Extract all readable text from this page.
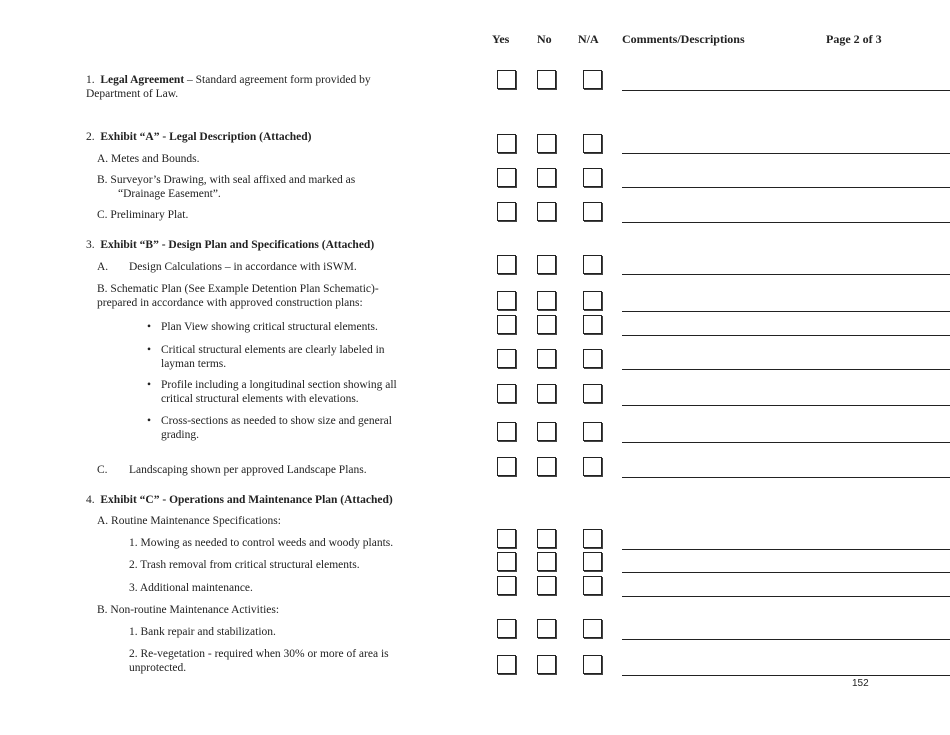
Yes No N/A Comments/Descriptions	Page 2 of 3
1. Legal Agreement – Standard agreement form provided by
Department of Law.
2. Exhibit “A” - Legal Description (Attached)
A. Metes and Bounds.
B. Surveyor’s Drawing, with seal affixed and marked as
“Drainage Easement”.
C. Preliminary Plat.
3. Exhibit “B” - Design Plan and Specifications (Attached)
A. Design Calculations – in accordance with iSWM.
B. Schematic Plan (See Example Detention Plan Schematic)-
prepared in accordance with approved construction plans:
• Plan View showing critical structural elements.
• Critical structural elements are clearly labeled in
layman terms.
• Profile including a longitudinal section showing all
critical structural elements with elevations.
• Cross-sections as needed to show size and general
grading.
C. Landscaping shown per approved Landscape Plans.
4. Exhibit “C” - Operations and Maintenance Plan (Attached)
A. Routine Maintenance Specifications:
1. Mowing as needed to control weeds and woody plants.
2. Trash removal from critical structural elements.
3. Additional maintenance.
B. Non-routine Maintenance Activities:
1. Bank repair and stabilization.
2. Re-vegetation - required when 30% or more of area is
unprotected.
152
